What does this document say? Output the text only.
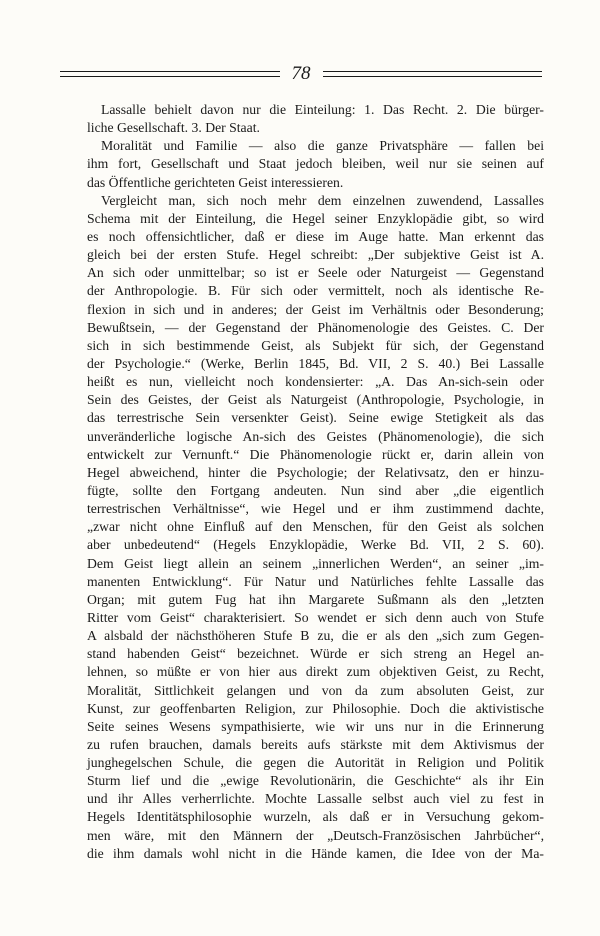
78
Lassalle behielt davon nur die Einteilung: 1. Das Recht. 2. Die bürger-
liche Gesellschaft. 3. Der Staat.
Moralität und Familie — also die ganze Privatsphäre — fallen bei
ihm fort, Gesellschaft und Staat jedoch bleiben, weil nur sie seinen auf
das Öffentliche gerichteten Geist interessieren.
Vergleicht man, sich noch mehr dem einzelnen zuwendend, Lassalles
Schema mit der Einteilung, die Hegel seiner Enzyklopädie gibt, so wird
es noch offensichtlicher, daß er diese im Auge hatte. Man erkennt das
gleich bei der ersten Stufe. Hegel schreibt: „Der subjektive Geist ist A.
An sich oder unmittelbar; so ist er Seele oder Naturgeist — Gegenstand
der Anthropologie. B. Für sich oder vermittelt, noch als identische Re-
flexion in sich und in anderes; der Geist im Verhältnis oder Besonderung;
Bewußtsein, — der Gegenstand der Phänomenologie des Geistes. C. Der
sich in sich bestimmende Geist, als Subjekt für sich, der Gegenstand
der Psychologie.“ (Werke, Berlin 1845, Bd. VII, 2 S. 40.) Bei Lassalle
heißt es nun, vielleicht noch kondensierter: „A. Das An-sich-sein oder
Sein des Geistes, der Geist als Naturgeist (Anthropologie, Psychologie, in
das terrestrische Sein versenkter Geist). Seine ewige Stetigkeit als das
unveränderliche logische An-sich des Geistes (Phänomenologie), die sich
entwickelt zur Vernunft.“ Die Phänomenologie rückt er, darin allein von
Hegel abweichend, hinter die Psychologie; der Relativsatz, den er hinzu-
fügte, sollte den Fortgang andeuten. Nun sind aber „die eigentlich
terrestrischen Verhältnisse“, wie Hegel und er ihm zustimmend dachte,
„zwar nicht ohne Einfluß auf den Menschen, für den Geist als solchen
aber unbedeutend“ (Hegels Enzyklopädie, Werke Bd. VII, 2 S. 60).
Dem Geist liegt allein an seinem „innerlichen Werden“, an seiner „im-
manenten Entwicklung“. Für Natur und Natürliches fehlte Lassalle das
Organ; mit gutem Fug hat ihn Margarete Sußmann als den „letzten
Ritter vom Geist“ charakterisiert. So wendet er sich denn auch von Stufe
A alsbald der nächsthöheren Stufe B zu, die er als den „sich zum Gegen-
stand habenden Geist“ bezeichnet. Würde er sich streng an Hegel an-
lehnen, so müßte er von hier aus direkt zum objektiven Geist, zu Recht,
Moralität, Sittlichkeit gelangen und von da zum absoluten Geist, zur
Kunst, zur geoffenbarten Religion, zur Philosophie. Doch die aktivistische
Seite seines Wesens sympathisierte, wie wir uns nur in die Erinnerung
zu rufen brauchen, damals bereits aufs stärkste mit dem Aktivismus der
junghegelschen Schule, die gegen die Autorität in Religion und Politik
Sturm lief und die „ewige Revolutionärin, die Geschichte“ als ihr Ein
und ihr Alles verherrlichte. Mochte Lassalle selbst auch viel zu fest in
Hegels Identitätsphilosophie wurzeln, als daß er in Versuchung gekom-
men wäre, mit den Männern der „Deutsch-Französischen Jahrbücher“,
die ihm damals wohl nicht in die Hände kamen, die Idee von der Ma-
